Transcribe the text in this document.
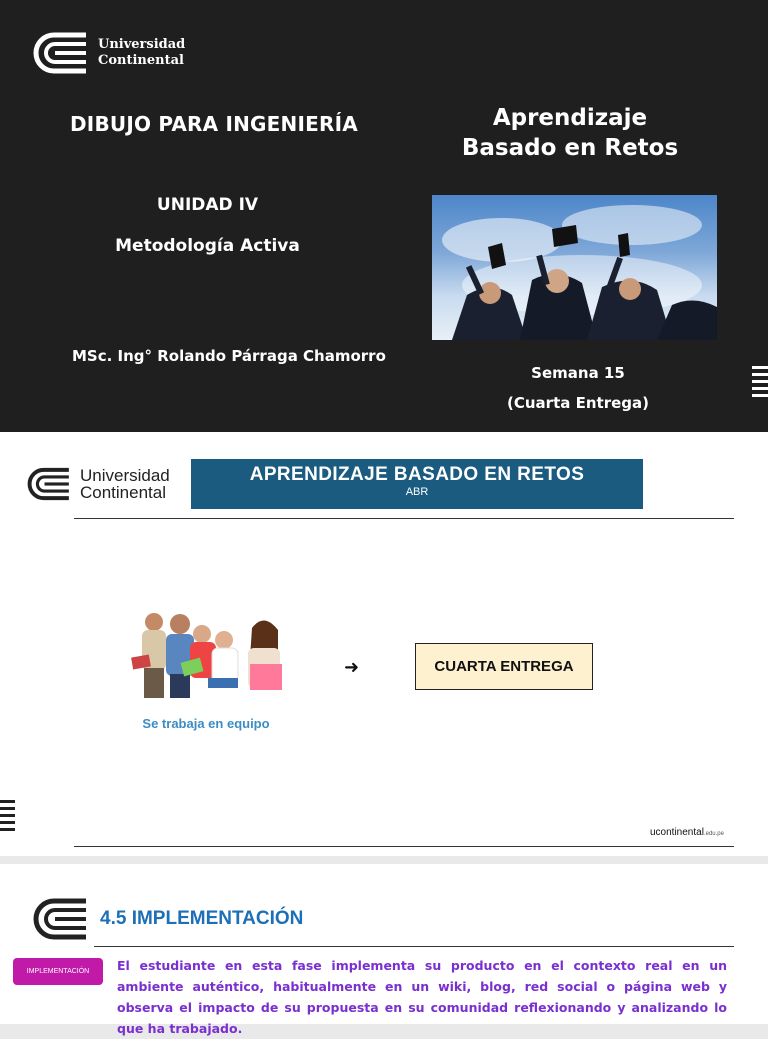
Universidad
Continental
DIBUJO PARA INGENIERÍA	Aprendizaje
Basado en Retos
UNIDAD IV
Metodología Activa
MSc. Ing° Rolando Párraga Chamorro
Semana 15
(Cuarta Entrega)
Universidad
Continental
APRENDIZAJE BASADO EN RETOS
ABR
Se trabaja en equipo
➜	CUARTA ENTREGA
ucontinental.edu.pe
4.5 IMPLEMENTACIÓN
IMPLEMENTACIÓN	El estudiante en esta fase implementa su producto en el contexto real en un ambiente auténtico, habitualmente en un wiki, blog, red social o página web y observa el impacto de su propuesta en su comunidad reflexionando y analizando lo que ha trabajado.
